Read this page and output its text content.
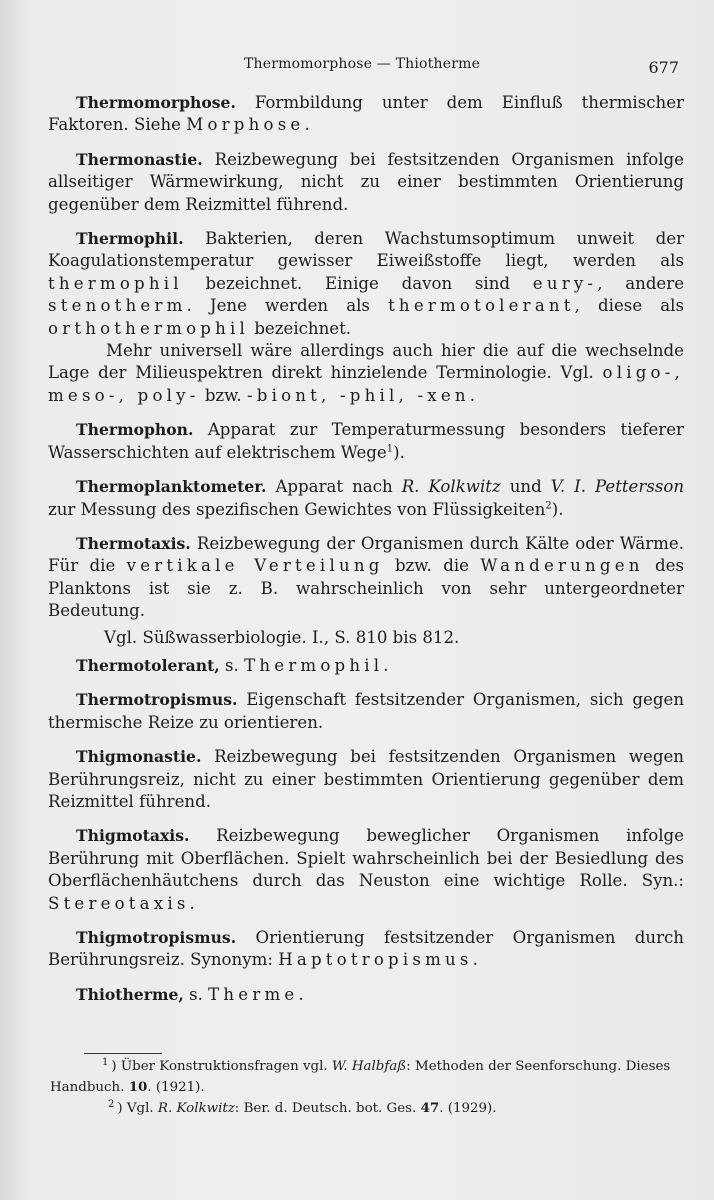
Thermomorphose — Thiotherme	677
Thermomorphose. Formbildung unter dem Einfluß thermischer Faktoren. Siehe Morphose.
Thermonastie. Reizbewegung bei festsitzenden Organismen infolge allseitiger Wärmewirkung, nicht zu einer bestimmten Orientierung gegenüber dem Reizmittel führend.
Thermophil. Bakterien, deren Wachstumsoptimum unweit der Koagulationstemperatur gewisser Eiweißstoffe liegt, werden als thermophil bezeichnet. Einige davon sind eury-, andere stenotherm. Jene werden als thermotolerant, diese als orthothermophil bezeichnet.
Mehr universell wäre allerdings auch hier die auf die wechselnde Lage der Milieuspektren direkt hinzielende Terminologie. Vgl. oligo-, meso-, poly- bzw. -biont, -phil, -xen.
Thermophon. Apparat zur Temperaturmessung besonders tieferer Wasserschichten auf elektrischem Wege$^1$).
Thermoplanktometer. Apparat nach R. Kolkwitz und V. I. Pettersson zur Messung des spezifischen Gewichtes von Flüssigkeiten$^2$).
Thermotaxis. Reizbewegung der Organismen durch Kälte oder Wärme. Für die vertikale Verteilung bzw. die Wanderungen des Planktons ist sie z. B. wahrscheinlich von sehr untergeordneter Bedeutung.
Vgl. Süßwasserbiologie. I., S. 810 bis 812.
Thermotolerant, s. Thermophil.
Thermotropismus. Eigenschaft festsitzender Organismen, sich gegen thermische Reize zu orientieren.
Thigmonastie. Reizbewegung bei festsitzenden Organismen wegen Berührungsreiz, nicht zu einer bestimmten Orientierung gegenüber dem Reizmittel führend.
Thigmotaxis. Reizbewegung beweglicher Organismen infolge Berührung mit Oberflächen. Spielt wahrscheinlich bei der Besiedlung des Oberflächenhäutchens durch das Neuston eine wichtige Rolle. Syn.: Stereotaxis.
Thigmotropismus. Orientierung festsitzender Organismen durch Berührungsreiz. Synonym: Haptotropismus.
Thiotherme, s. Therme.
$^1$ ) Über Konstruktionsfragen vgl. W. Halbfaß: Methoden der Seenforschung. Dieses Handbuch. 10. (1921).
$^2$ ) Vgl. R. Kolkwitz: Ber. d. Deutsch. bot. Ges. 47. (1929).
